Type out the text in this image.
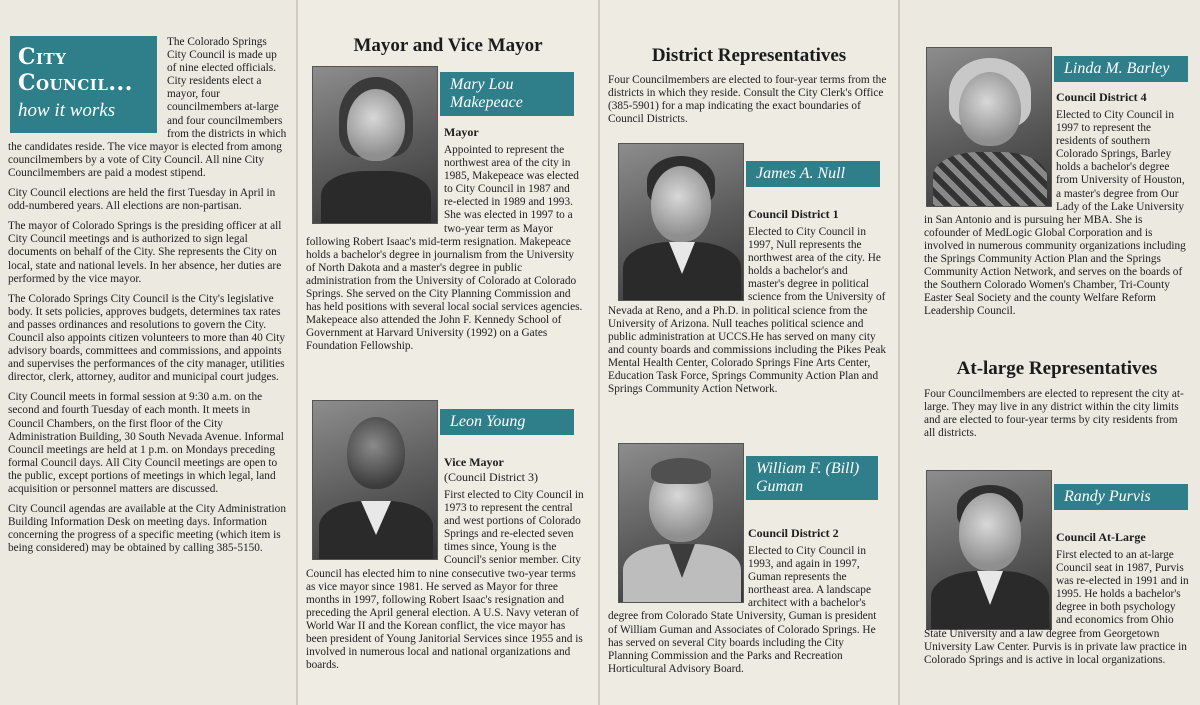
City Council...
how it works

The Colorado Springs City Council is made up of nine elected officials. City residents elect a mayor, four councilmembers at-large and four councilmembers from the districts in which the candidates reside. The vice mayor is elected from among councilmembers by a vote of City Council. All nine City Councilmembers are paid a modest stipend.

City Council elections are held the first Tuesday in April in odd-numbered years. All elections are non-partisan.

The mayor of Colorado Springs is the presiding officer at all City Council meetings and is authorized to sign legal documents on behalf of the City. She represents the City on local, state and national levels. In her absence, her duties are performed by the vice mayor.

The Colorado Springs City Council is the City's legislative body. It sets policies, approves budgets, determines tax rates and passes ordinances and resolutions to govern the City. Council also appoints citizen volunteers to more than 40 City advisory boards, committees and commissions, and appoints and supervises the performances of the city manager, utilities director, clerk, attorney, auditor and municipal court judges.

City Council meets in formal session at 9:30 a.m. on the second and fourth Tuesday of each month. It meets in Council Chambers, on the first floor of the City Administration Building, 30 South Nevada Avenue. Informal Council meetings are held at 1 p.m. on Mondays preceding formal Council days. All City Council meetings are open to the public, except portions of meetings in which legal, land acquisition or personnel matters are discussed.

City Council agendas are available at the City Administration Building Information Desk on meeting days. Information concerning the progress of a specific meeting (which item is being considered) may be obtained by calling 385-5150.

Mayor and Vice Mayor
Mary Lou Makepeace
Mayor

Appointed to represent the northwest area of the city in 1985, Makepeace was elected to City Council in 1987 and re-elected in 1989 and 1993. She was elected in 1997 to a two-year term as Mayor following Robert Isaac's mid-term resignation. Makepeace holds a bachelor's degree in journalism from the University of North Dakota and a master's degree in public administration from the University of Colorado at Colorado Springs. She served on the City Planning Commission and has held positions with several local social services agencies. Makepeace also attended the John F. Kennedy School of Government at Harvard University (1992) on a Gates Foundation Fellowship.

Leon Young
Vice Mayor
(Council District 3)

First elected to City Council in 1973 to represent the central and west portions of Colorado Springs and re-elected seven times since, Young is the Council's senior member. City Council has elected him to nine consecutive two-year terms as vice mayor since 1981. He served as Mayor for three months in 1997, following Robert Isaac's resignation and preceding the April general election. A U.S. Navy veteran of World War II and the Korean conflict, the vice mayor has been president of Young Janitorial Services since 1955 and is involved in numerous local and national organizations and boards.

District Representatives

Four Councilmembers are elected to four-year terms from the districts in which they reside. Consult the City Clerk's Office (385-5901) for a map indicating the exact boundaries of Council Districts.

James A. Null
Council District 1

Elected to City Council in 1997, Null represents the northwest area of the city. He holds a bachelor's and master's degree in political science from the University of Nevada at Reno, and a Ph.D. in political science from the University of Arizona. Null teaches political science and public administration at UCCS.He has served on many city and county boards and commissions including the Pikes Peak Mental Health Center, Colorado Springs Fine Arts Center, Education Task Force, Springs Community Action Plan and Springs Community Action Network.

William F. (Bill) Guman
Council District 2

Elected to City Council in 1993, and again in 1997, Guman represents the northeast area. A landscape architect with a bachelor's degree from Colorado State University, Guman is president of William Guman and Associates of Colorado Springs. He has served on several City boards including the City Planning Commission and the Parks and Recreation Horticultural Advisory Board.

Linda M. Barley
Council District 4

Elected to City Council in 1997 to represent the residents of southern Colorado Springs, Barley holds a bachelor's degree from University of Houston, a master's degree from Our Lady of the Lake University in San Antonio and is pursuing her MBA. She is cofounder of MedLogic Global Corporation and is involved in numerous community organizations including the Springs Community Action Plan and the Springs Community Action Network, and serves on the boards of the Southern Colorado Women's Chamber, Tri-County Easter Seal Society and the county Welfare Reform Leadership Council.

At-large Representatives

Four Councilmembers are elected to represent the city at-large. They may live in any district within the city limits and are elected to four-year terms by city residents from all districts.

Randy Purvis
Council At-Large

First elected to an at-large Council seat in 1987, Purvis was re-elected in 1991 and in 1995. He holds a bachelor's degree in both psychology and economics from Ohio State University and a law degree from Georgetown University Law Center. Purvis is in private law practice in Colorado Springs and is active in local organizations.
